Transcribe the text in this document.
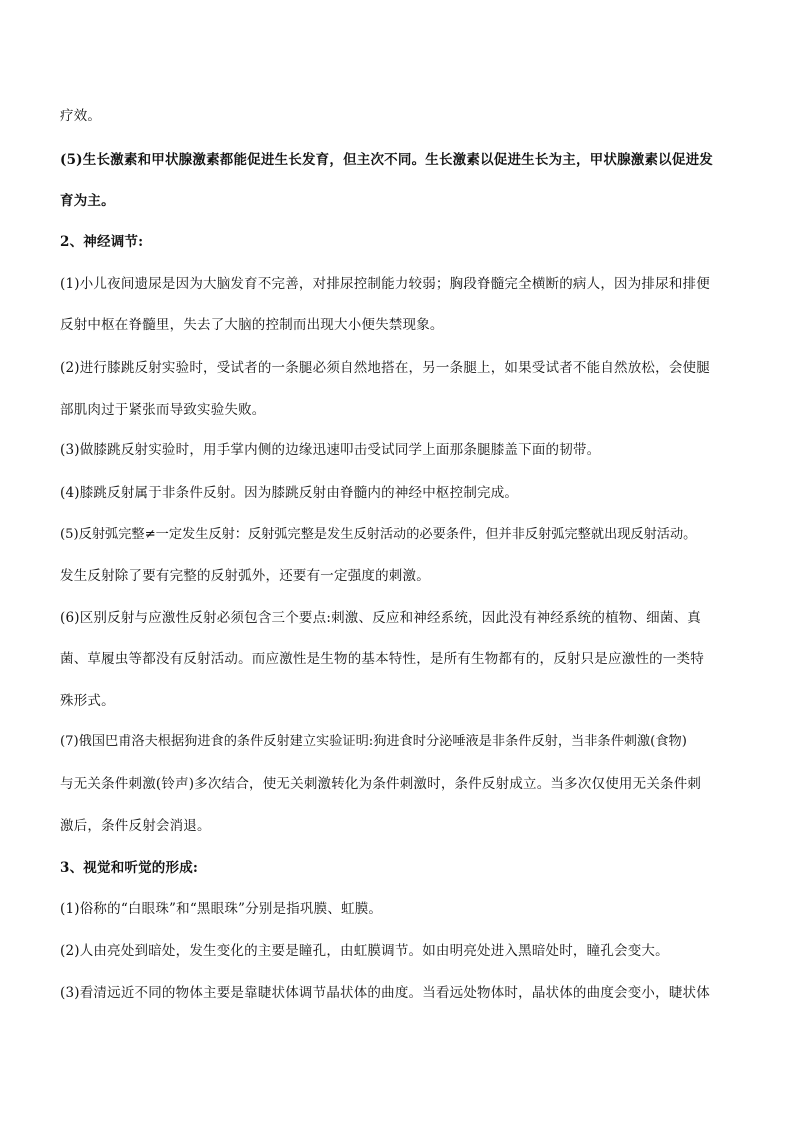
疗效。
(5)生长激素和甲状腺激素都能促进生长发育，但主次不同。生长激素以促进生长为主，甲状腺激素以促进发
育为主。
2、神经调节:
(1)小儿夜间遗尿是因为大脑发育不完善，对排尿控制能力较弱；胸段脊髓完全横断的病人，因为排尿和排便
反射中枢在脊髓里，失去了大脑的控制而出现大小便失禁现象。
(2)进行膝跳反射实验时，受试者的一条腿必须自然地搭在，另一条腿上，如果受试者不能自然放松，会使腿
部肌肉过于紧张而导致实验失败。
(3)做膝跳反射实验时，用手掌内侧的边缘迅速叩击受试同学上面那条腿膝盖下面的韧带。
(4)膝跳反射属于非条件反射。因为膝跳反射由脊髓内的神经中枢控制完成。
(5)反射弧完整≠一定发生反射：反射弧完整是发生反射活动的必要条件，但并非反射弧完整就出现反射活动。
发生反射除了要有完整的反射弧外，还要有一定强度的刺激。
(6)区别反射与应激性反射必须包含三个要点:刺激、反应和神经系统，因此没有神经系统的植物、细菌、真
菌、草履虫等都没有反射活动。而应激性是生物的基本特性，是所有生物都有的，反射只是应激性的一类特
殊形式。
(7)俄国巴甫洛夫根据狗进食的条件反射建立实验证明:狗进食时分泌唾液是非条件反射，当非条件刺激(食物)
与无关条件刺激(铃声)多次结合，使无关刺激转化为条件刺激时，条件反射成立。当多次仅使用无关条件刺
激后，条件反射会消退。
3、视觉和听觉的形成:
(1)俗称的“白眼珠”和“黑眼珠”分别是指巩膜、虹膜。
(2)人由亮处到暗处，发生变化的主要是瞳孔，由虹膜调节。如由明亮处进入黑暗处时，瞳孔会变大。
(3)看清远近不同的物体主要是靠睫状体调节晶状体的曲度。当看远处物体时，晶状体的曲度会变小，睫状体
